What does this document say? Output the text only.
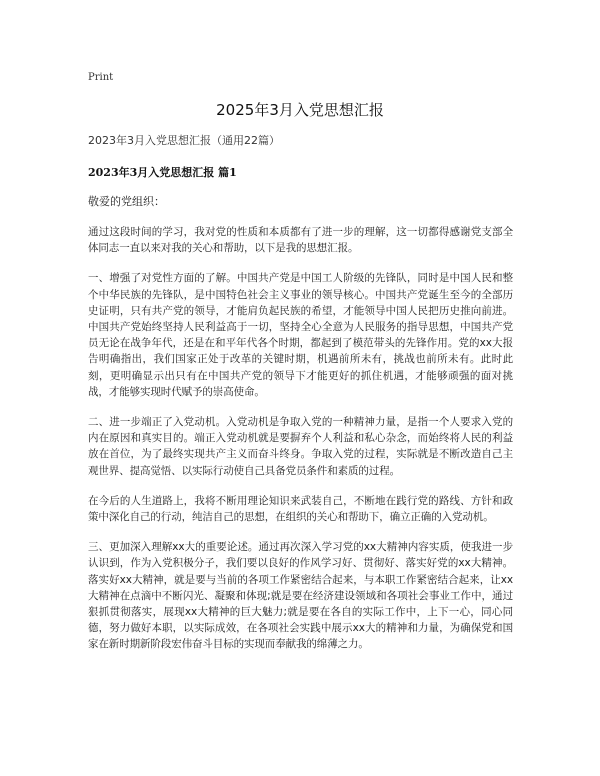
Print
2025年3月入党思想汇报

2023年3月入党思想汇报（通用22篇）

2023年3月入党思想汇报 篇1

敬爱的党组织：

通过这段时间的学习，我对党的性质和本质都有了进一步的理解，这一切都得感谢党支部全体同志一直以来对我的关心和帮助，以下是我的思想汇报。

一、增强了对党性方面的了解。中国共产党是中国工人阶级的先锋队，同时是中国人民和整个中华民族的先锋队，是中国特色社会主义事业的领导核心。中国共产党诞生至今的全部历史证明，只有共产党的领导，才能肩负起民族的希望，才能领导中国人民把历史推向前进。中国共产党始终坚持人民利益高于一切，坚持全心全意为人民服务的指导思想，中国共产党员无论在战争年代，还是在和平年代各个时期，都起到了模范带头的先锋作用。党的xx大报告明确指出，我们国家正处于改革的关键时期，机遇前所未有，挑战也前所未有。此时此刻，更明确显示出只有在中国共产党的领导下才能更好的抓住机遇，才能够顽强的面对挑战，才能够实现时代赋予的崇高使命。

二、进一步端正了入党动机。入党动机是争取入党的一种精神力量，是指一个人要求入党的内在原因和真实目的。端正入党动机就是要摒弃个人利益和私心杂念，而始终将人民的利益放在首位，为了最终实现共产主义而奋斗终身。争取入党的过程，实际就是不断改造自己主观世界、提高觉悟、以实际行动使自己具备党员条件和素质的过程。

在今后的人生道路上，我将不断用理论知识来武装自己，不断地在践行党的路线、方针和政策中深化自己的行动，纯洁自己的思想，在组织的关心和帮助下，确立正确的入党动机。

三、更加深入理解xx大的重要论述。通过再次深入学习党的xx大精神内容实质，使我进一步认识到，作为入党积极分子，我们要以良好的作风学习好、贯彻好、落实好党的xx大精神。落实好xx大精神，就是要与当前的各项工作紧密结合起来，与本职工作紧密结合起来，让xx大精神在点滴中不断闪光、凝聚和体现;就是要在经济建设领域和各项社会事业工作中，通过狠抓贯彻落实，展现xx大精神的巨大魅力;就是要在各自的实际工作中，上下一心，同心同德，努力做好本职，以实际成效，在各项社会实践中展示xx大的精神和力量，为确保党和国家在新时期新阶段宏伟奋斗目标的实现而奉献我的绵薄之力。
